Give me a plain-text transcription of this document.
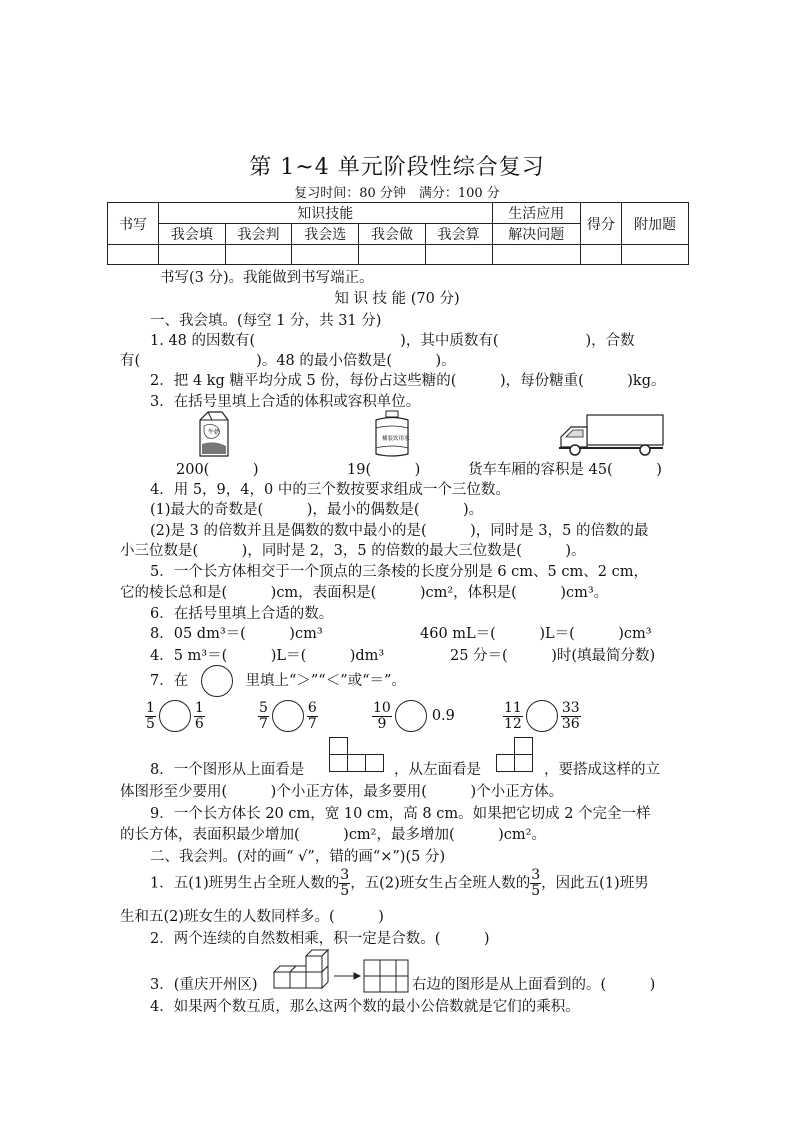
第 1~4 单元阶段性综合复习
复习时间：80 分钟　满分：100 分
书写	知识技能					生活应用	得分	附加题
	我会填	我会判	我会选	我会做	我会算	解决问题		

书写(3 分)。我能做到书写端正。
知 识 技 能 (70 分)
一、我会填。(每空 1 分，共 31 分)
1. 48 的因数有(　　　　　　　　　　)，其中质数有(　　　　　　)，合数
有(　　　　　　　　)。48 的最小倍数是(　　　)。
2．把 4 kg 糖平均分成 5 份，每份占这些糖的(　　　)，每份糖重(　　　)kg。
3．在括号里填上合适的体积或容积单位。
牛奶
桶装饮用水
200(　　　)	19(　　　)	货车车厢的容积是 45(　　　)
4．用 5，9，4，0 中的三个数按要求组成一个三位数。
(1)最大的奇数是(　　　)，最小的偶数是(　　　)。
(2)是 3 的倍数并且是偶数的数中最小的是(　　　)，同时是 3，5 的倍数的最
小三位数是(　　　)，同时是 2，3，5 的倍数的最大三位数是(　　　)。
5．一个长方体相交于一个顶点的三条棱的长度分别是 6 cm、5 cm、2 cm，
它的棱长总和是(　　　)cm，表面积是(　　　)cm²，体积是(　　　)cm³。
6．在括号里填上合适的数。
8．05 dm³＝(　　　)cm³	460 mL＝(　　　)L＝(　　　)cm³
4．5 m³＝(　　　)L＝(　　　)dm³	25 分＝(　　　)时(填最简分数)
7．在	里填上“＞”“＜”或“＝”。
$\frac{1}{5}$	$\frac{1}{6}$	$\frac{5}{7}$	$\frac{6}{7}$	$\frac{10}{9}$	0.9	$\frac{11}{12}$	$\frac{33}{36}$
8．一个图形从上面看是	，从左面看是	，要搭成这样的立
体图形至少要用(　　　)个小正方体，最多要用(　　　)个小正方体。
9．一个长方体长 20 cm，宽 10 cm，高 8 cm。如果把它切成 2 个完全一样
的长方体，表面积最少增加(　　　)cm²，最多增加(　　　)cm²。
二、我会判。(对的画“ √”，错的画“×”)(5 分)
1．五(1)班男生占全班人数的 $\frac{3}{5}$ ，五(2)班女生占全班人数的 $\frac{3}{5}$ ，因此五(1)班男
生和五(2)班女生的人数同样多。(　　　)
2．两个连续的自然数相乘，积一定是合数。(　　　)
3．(重庆开州区)	右边的图形是从上面看到的。(　　　)
4．如果两个数互质，那么这两个数的最小公倍数就是它们的乘积。
